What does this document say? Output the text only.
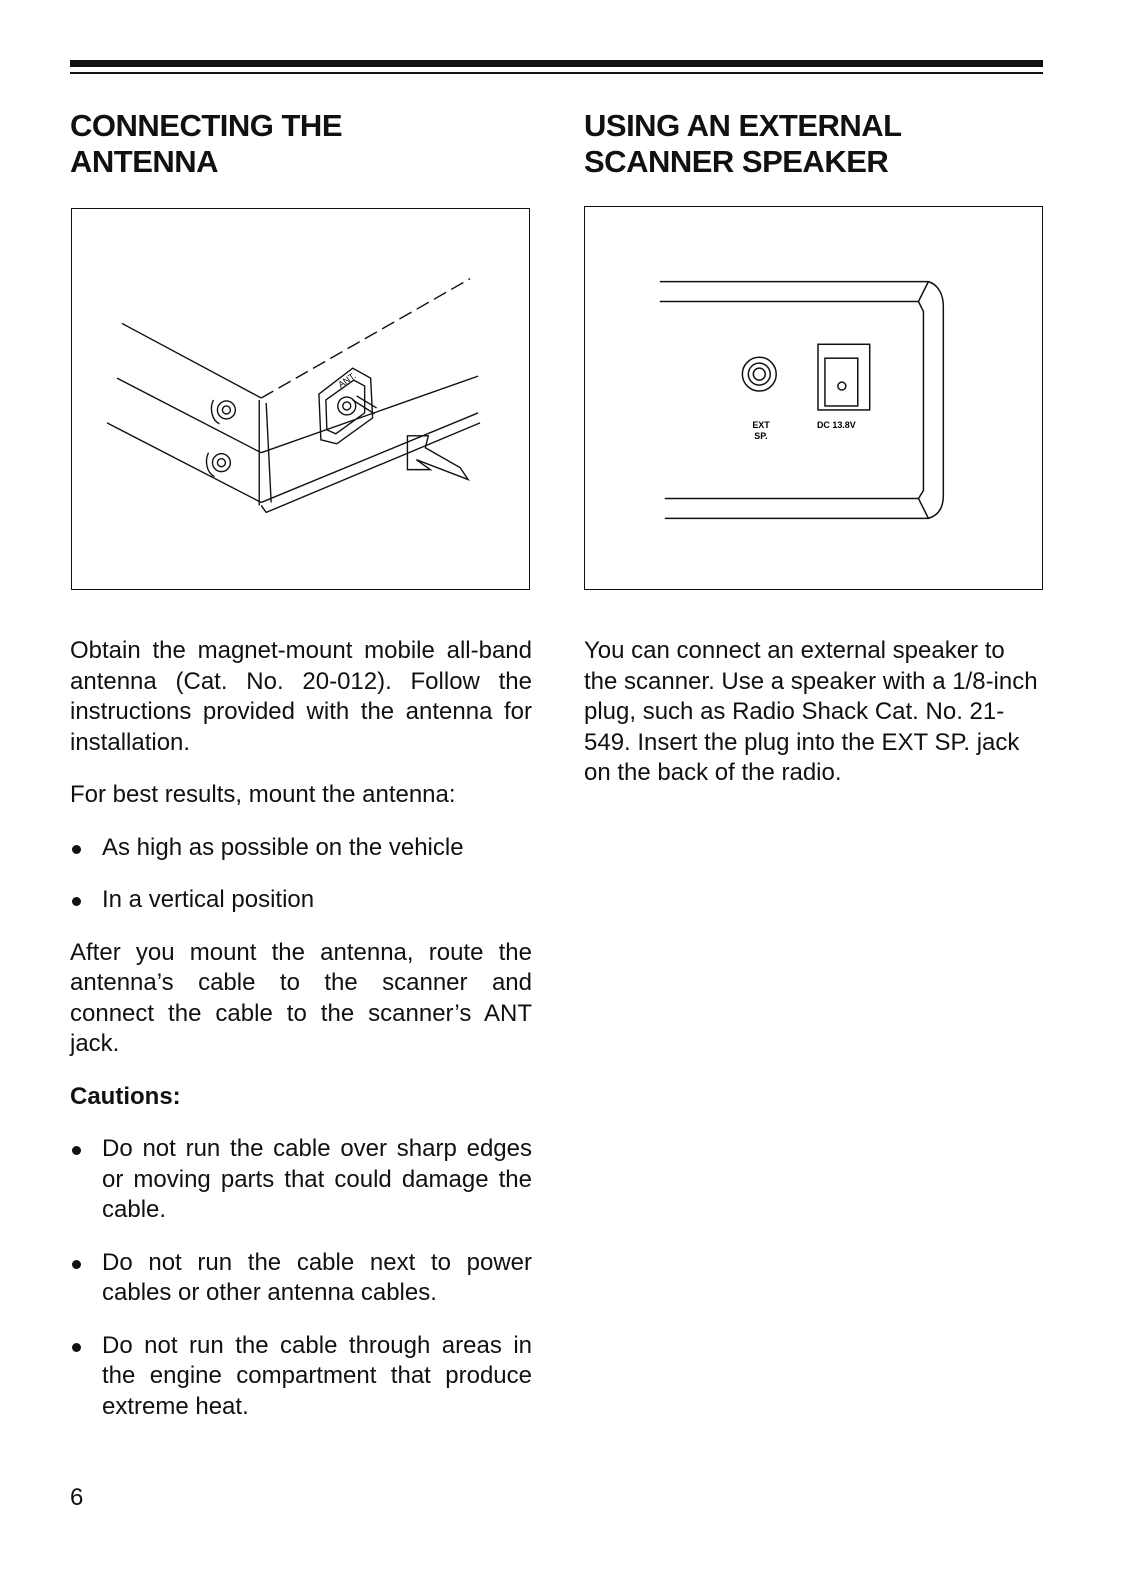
CONNECTING THE
ANTENNA
USING AN EXTERNAL
SCANNER SPEAKER
ANT.
EXT
SP.
DC 13.8V

Obtain the magnet-mount mobile all-band antenna (Cat. No. 20-012). Follow the instructions provided with the antenna for installation.

For best results, mount the antenna:

As high as possible on the vehicle
In a vertical position

After you mount the antenna, route the antenna’s cable to the scanner and connect the cable to the scanner’s ANT jack.

Cautions:

Do not run the cable over sharp edges or moving parts that could damage the cable.
Do not run the cable next to power cables or other antenna cables.
Do not run the cable through areas in the engine compartment that produce extreme heat.

You can connect an external speaker to the scanner. Use a speaker with a 1/8-inch plug, such as Radio Shack Cat. No. 21-549. Insert the plug into the EXT SP. jack on the back of the radio.

6
